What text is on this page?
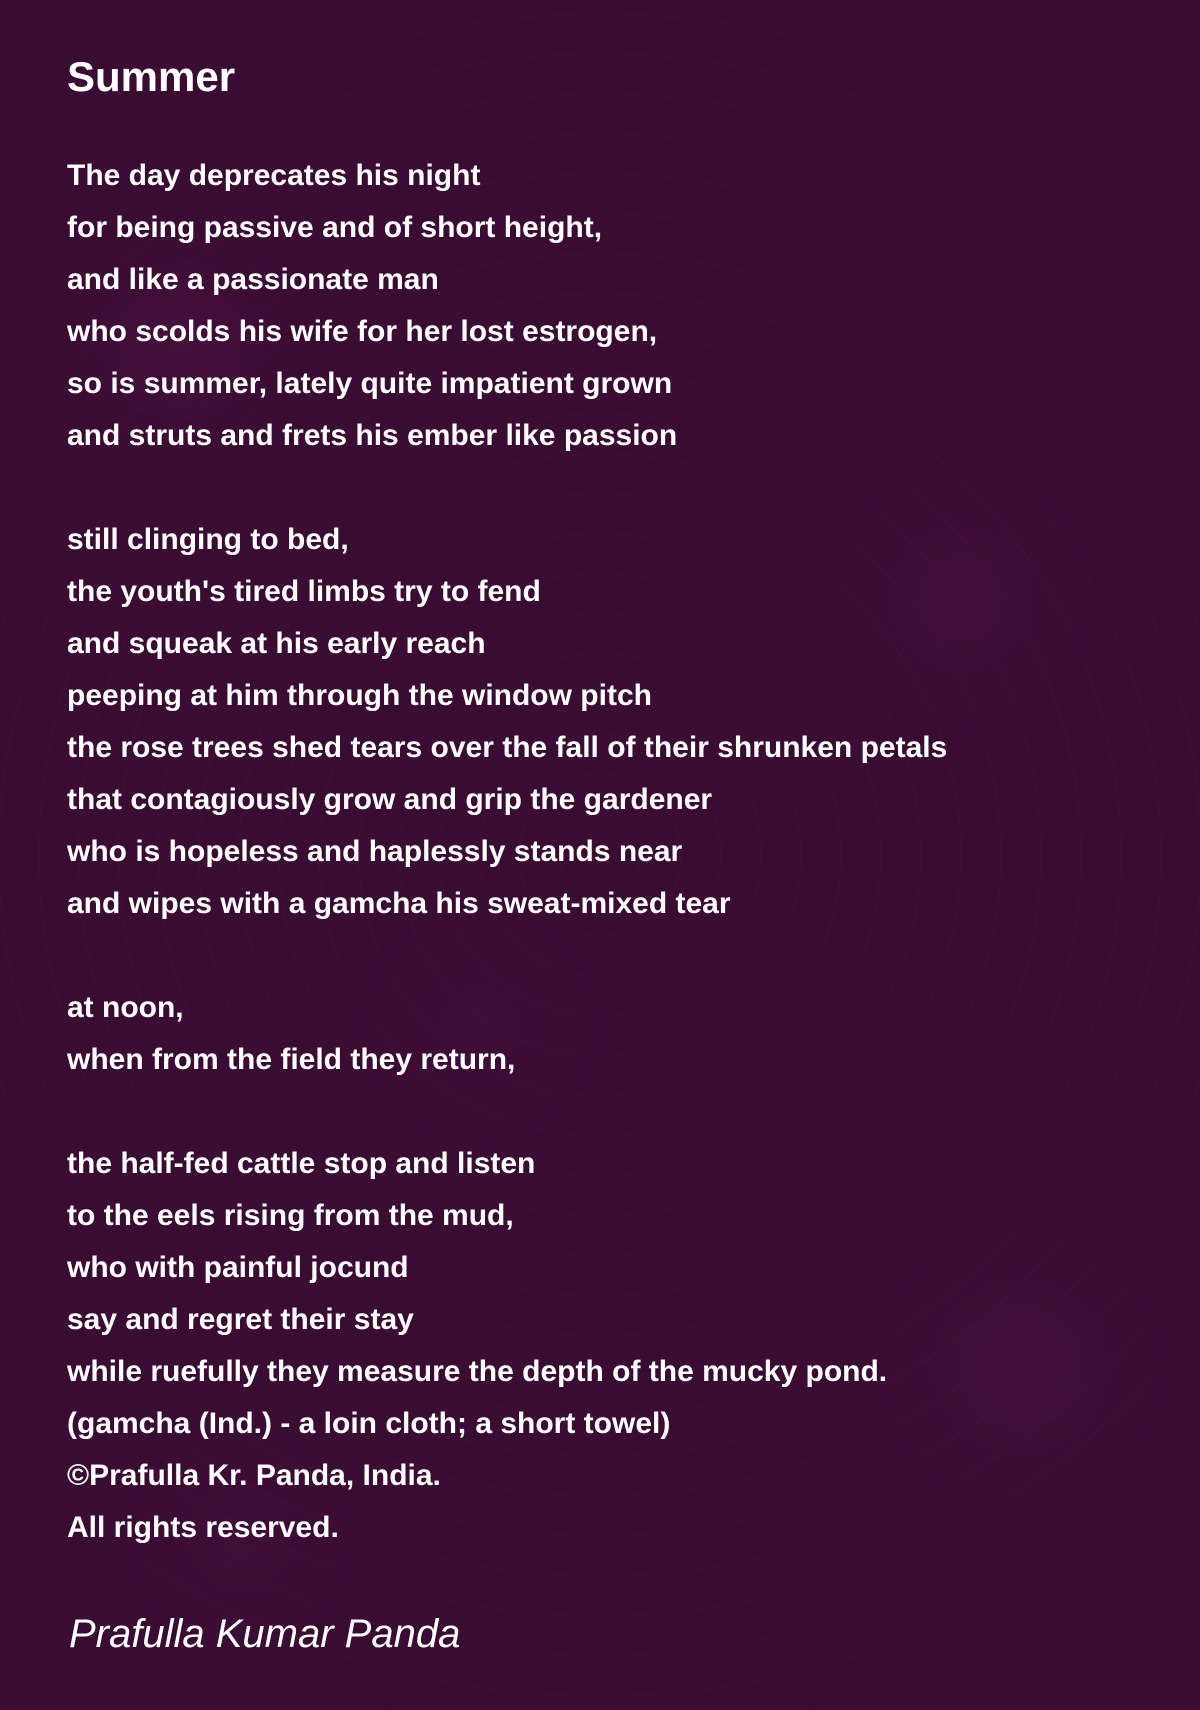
Summer
The day deprecates his night
for being passive and of short height,
and like a passionate man
who scolds his wife for her lost estrogen,
so is summer, lately quite impatient grown
and struts and frets his ember like passion
still clinging to bed,
the youth's tired limbs try to fend
and squeak at his early reach
peeping at him through the window pitch
the rose trees shed tears over the fall of their shrunken petals
that contagiously grow and grip the gardener
who is hopeless and haplessly stands near
and wipes with a gamcha his sweat-mixed tear
at noon,
when from the field they return,
the half-fed cattle stop and listen
to the eels rising from the mud,
who with painful jocund
say and regret their stay
while ruefully they measure the depth of the mucky pond.
(gamcha (Ind.) - a loin cloth; a short towel)
©Prafulla Kr. Panda, India.
All rights reserved.

Prafulla Kumar Panda
